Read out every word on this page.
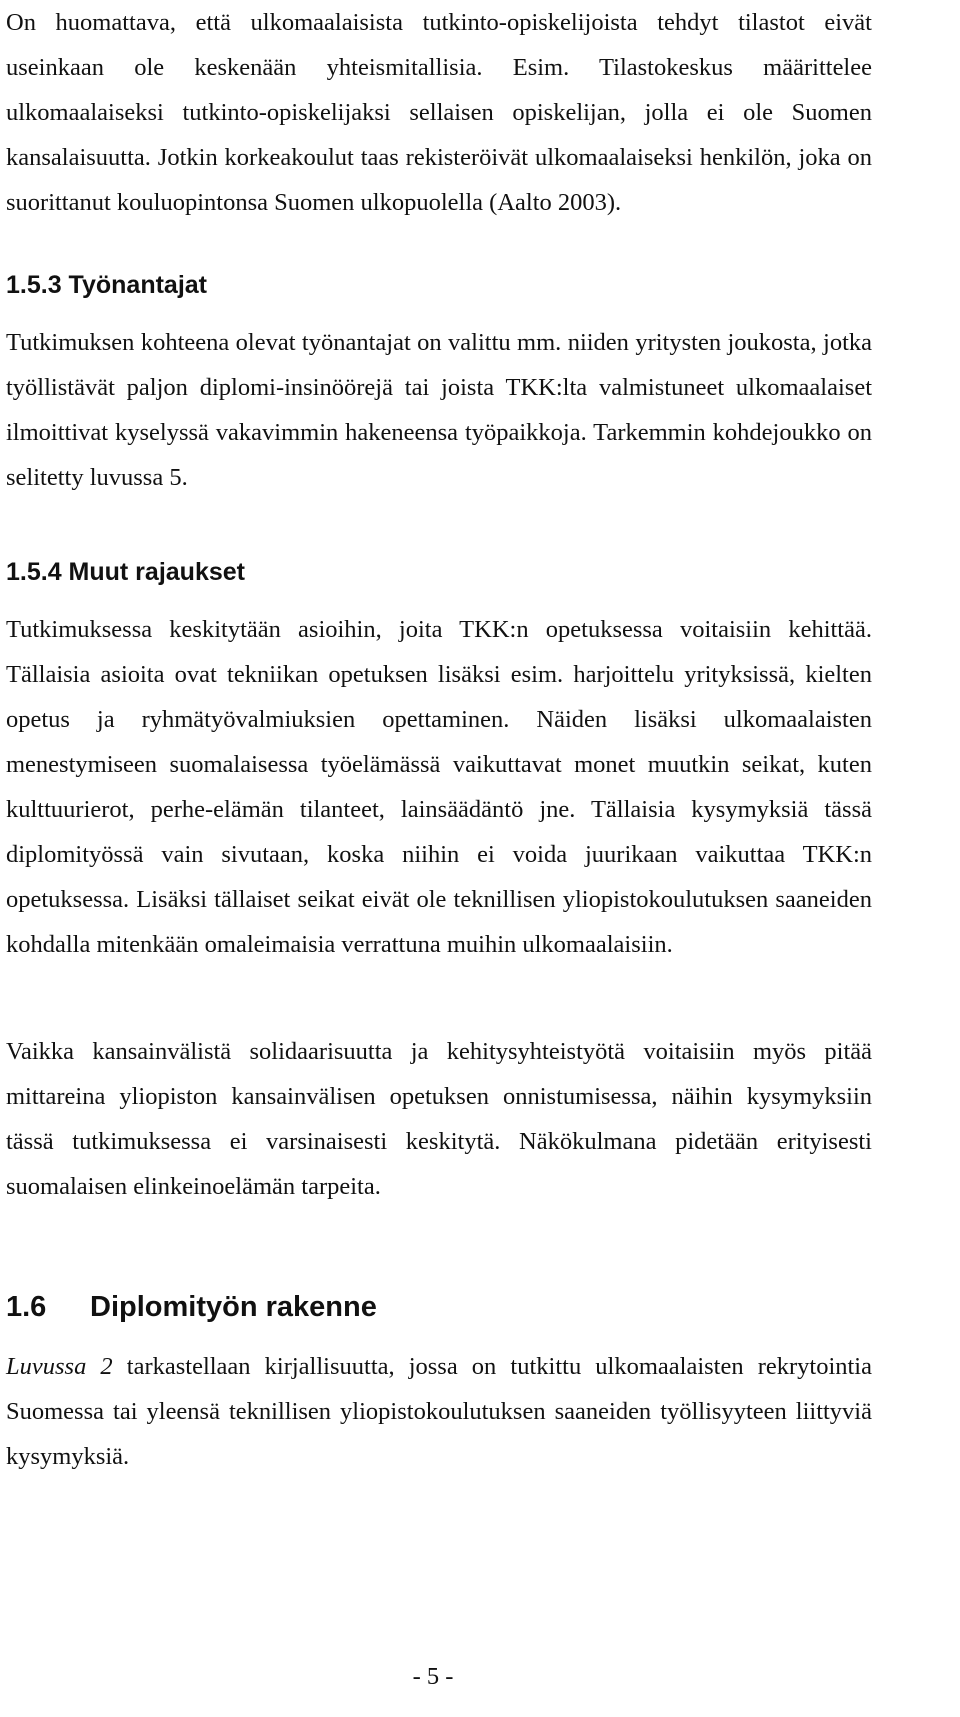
On huomattava, että ulkomaalaisista tutkinto-opiskelijoista tehdyt tilastot eivät useinkaan ole keskenään yhteismitallisia. Esim. Tilastokeskus määrittelee ulkomaalaiseksi tutkinto-opiskelijaksi sellaisen opiskelijan, jolla ei ole Suomen kansalaisuutta. Jotkin korkeakoulut taas rekisteröivät ulkomaalaiseksi henkilön, joka on suorittanut kouluopintonsa Suomen ulkopuolella (Aalto 2003).

1.5.3 Työnantajat

Tutkimuksen kohteena olevat työnantajat on valittu mm. niiden yritysten joukosta, jotka työllistävät paljon diplomi-insinöörejä tai joista TKK:lta valmistuneet ulkomaalaiset ilmoittivat kyselyssä vakavimmin hakeneensa työpaikkoja. Tarkemmin kohdejoukko on selitetty luvussa 5.

1.5.4 Muut rajaukset

Tutkimuksessa keskitytään asioihin, joita TKK:n opetuksessa voitaisiin kehittää. Tällaisia asioita ovat tekniikan opetuksen lisäksi esim. harjoittelu yrityksissä, kielten opetus ja ryhmätyövalmiuksien opettaminen. Näiden lisäksi ulkomaalaisten menestymiseen suomalaisessa työelämässä vaikuttavat monet muutkin seikat, kuten kulttuurierot, perhe-elämän tilanteet, lainsäädäntö jne. Tällaisia kysymyksiä tässä diplomityössä vain sivutaan, koska niihin ei voida juurikaan vaikuttaa TKK:n opetuksessa. Lisäksi tällaiset seikat eivät ole teknillisen yliopistokoulutuksen saaneiden kohdalla mitenkään omaleimaisia verrattuna muihin ulkomaalaisiin.

Vaikka kansainvälistä solidaarisuutta ja kehitysyhteistyötä voitaisiin myös pitää mittareina yliopiston kansainvälisen opetuksen onnistumisessa, näihin kysymyksiin tässä tutkimuksessa ei varsinaisesti keskitytä. Näkökulmana pidetään erityisesti suomalaisen elinkeinoelämän tarpeita.

1.6 Diplomityön rakenne

Luvussa 2 tarkastellaan kirjallisuutta, jossa on tutkittu ulkomaalaisten rekrytointia Suomessa tai yleensä teknillisen yliopistokoulutuksen saaneiden työllisyyteen liittyviä kysymyksiä.

- 5 -
